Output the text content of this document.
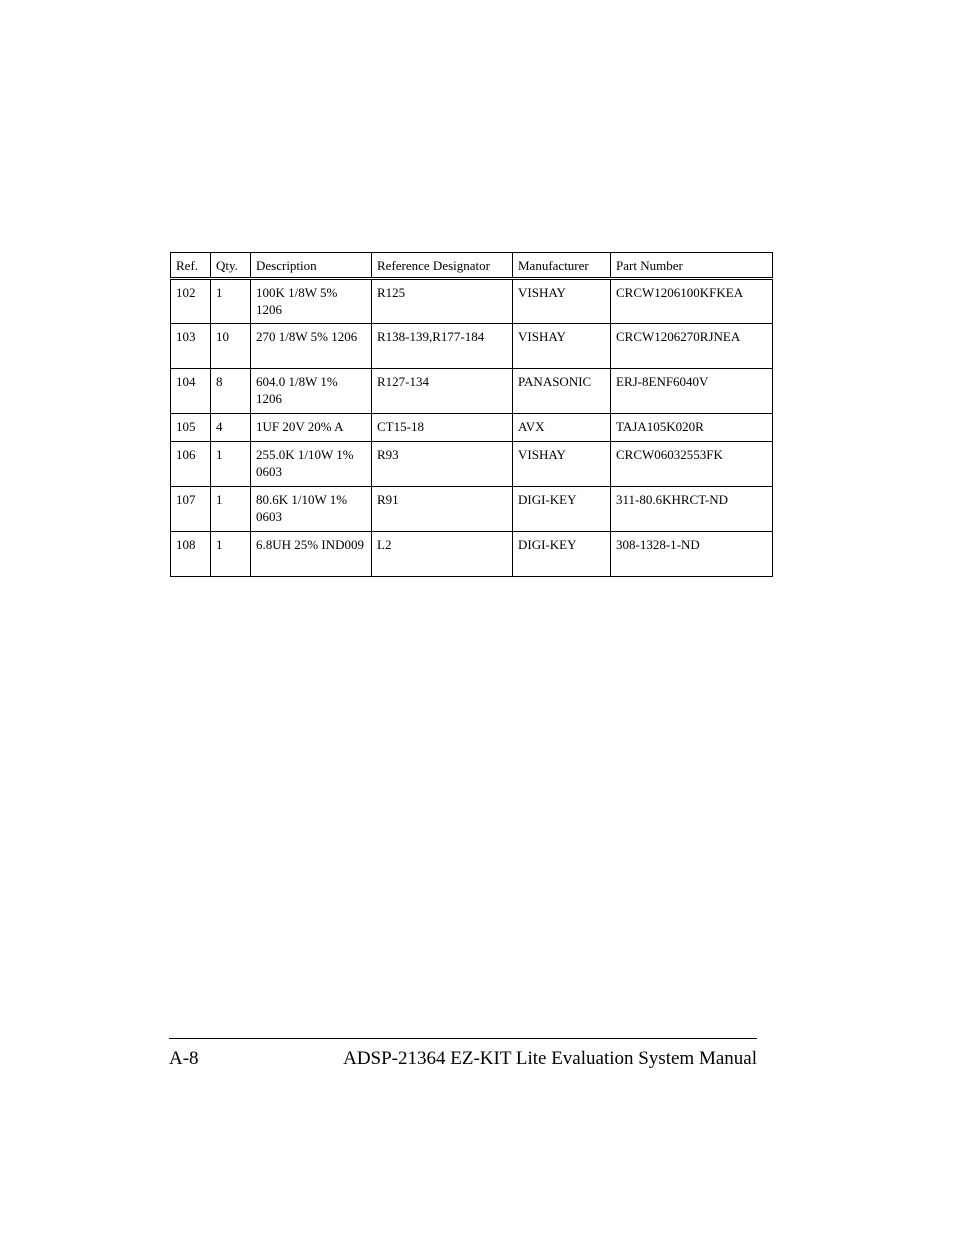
Ref.	Qty.	Description	Reference Designator	Manufacturer	Part Number
102	1	100K 1/8W 5% 1206	R125	VISHAY	CRCW1206100KFKEA
103	10	270 1/8W 5% 1206	R138-139,R177-184	VISHAY	CRCW1206270RJNEA
104	8	604.0 1/8W 1% 1206	R127-134	PANASONIC	ERJ-8ENF6040V
105	4	1UF 20V 20% A	CT15-18	AVX	TAJA105K020R
106	1	255.0K 1/10W 1% 0603	R93	VISHAY	CRCW06032553FK
107	1	80.6K 1/10W 1% 0603	R91	DIGI-KEY	311-80.6KHRCT-ND
108	1	6.8UH 25% IND009	L2	DIGI-KEY	308-1328-1-ND
A-8	ADSP-21364 EZ-KIT Lite Evaluation System Manual
